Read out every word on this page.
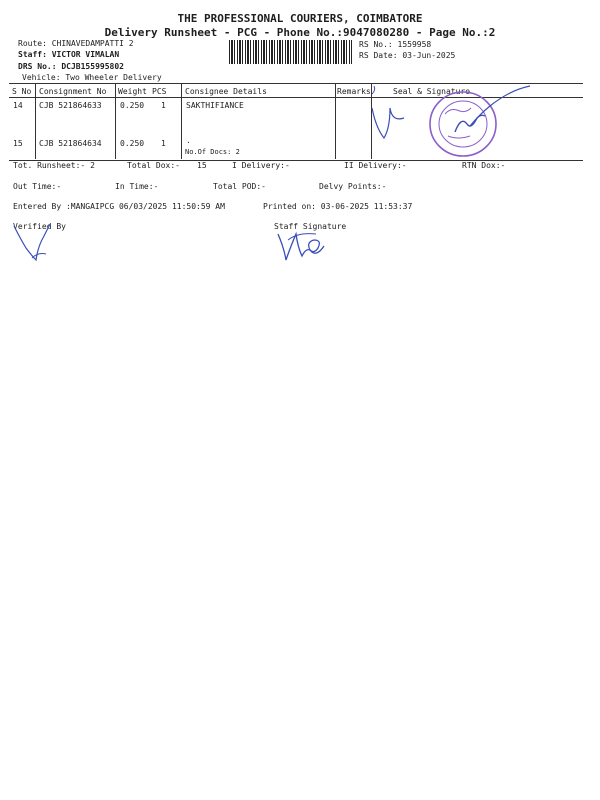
THE PROFESSIONAL COURIERS, COIMBATORE
Delivery Runsheet - PCG - Phone No.:9047080280 - Page No.:2
Route: CHINAVEDAMPATTI 2
Staff: VICTOR VIMALAN
DRS No.: DCJB155995802
Vehicle: Two Wheeler Delivery
RS No.: 1559958
RS Date: 03-Jun-2025
S No Consignment No Weight PCS Consignee Details	Remarks	Seal & Signature
14 CJB 521864633 0.250 1	SAKTHIFIANCE
15 CJB 521864634 0.250 1	.
No.Of Docs: 2
Tot. Runsheet:- 2	Total Dox:- 15	I Delivery:-	II Delivery:-	RTN Dox:-
Out Time:-	In Time:-	Total POD:-	Delvy Points:-
Entered By :MANGAIPCG 06/03/2025 11:50:59 AM	Printed on: 03-06-2025 11:53:37
Verified By	Staff Signature
